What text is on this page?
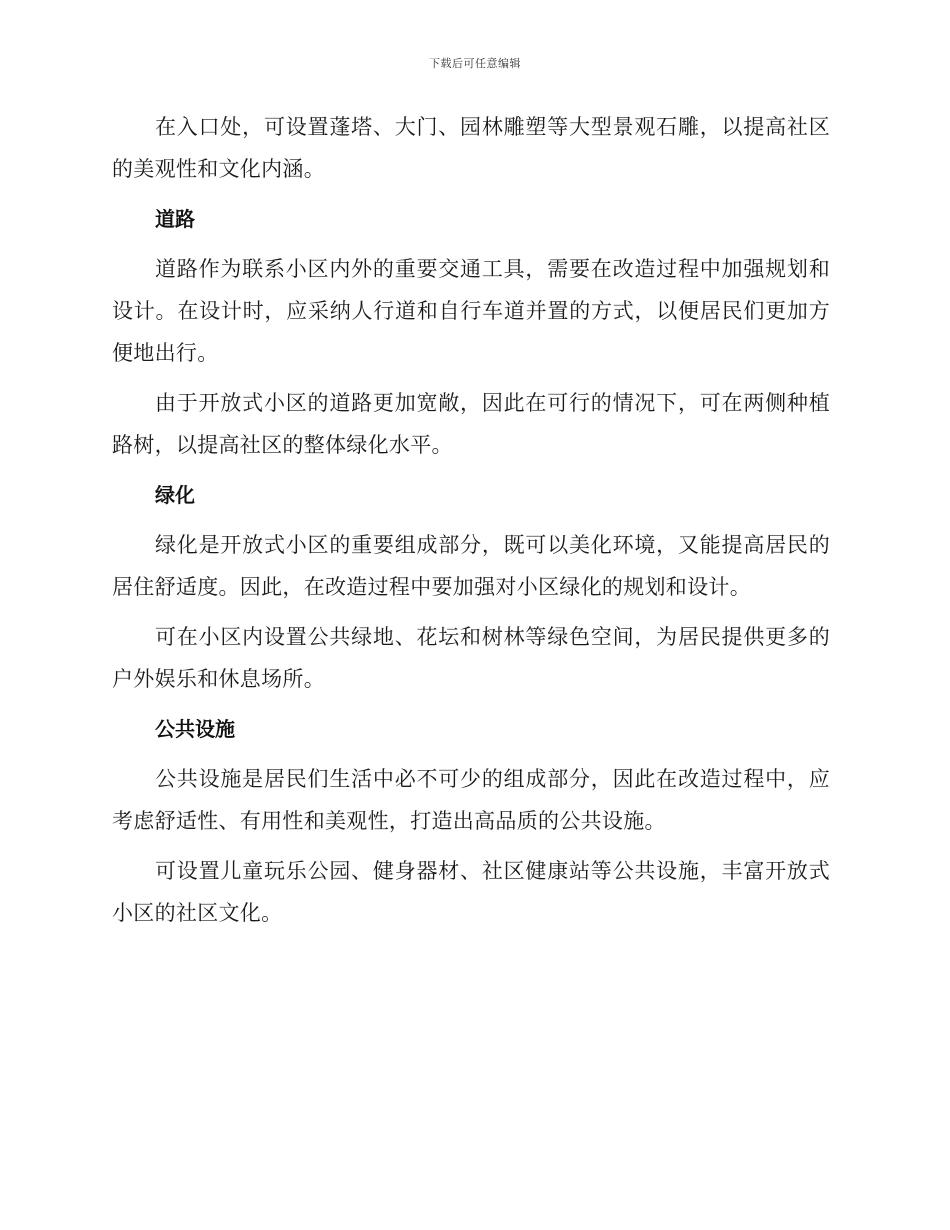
下载后可任意编辑

在入口处，可设置蓬塔、大门、园林雕塑等大型景观石雕，以提高社区的美观性和文化内涵。

道路

道路作为联系小区内外的重要交通工具，需要在改造过程中加强规划和设计。在设计时，应采纳人行道和自行车道并置的方式，以便居民们更加方便地出行。

由于开放式小区的道路更加宽敞，因此在可行的情况下，可在两侧种植路树，以提高社区的整体绿化水平。

绿化

绿化是开放式小区的重要组成部分，既可以美化环境，又能提高居民的居住舒适度。因此，在改造过程中要加强对小区绿化的规划和设计。

可在小区内设置公共绿地、花坛和树林等绿色空间，为居民提供更多的户外娱乐和休息场所。

公共设施

公共设施是居民们生活中必不可少的组成部分，因此在改造过程中，应考虑舒适性、有用性和美观性，打造出高品质的公共设施。

可设置儿童玩乐公园、健身器材、社区健康站等公共设施，丰富开放式小区的社区文化。
